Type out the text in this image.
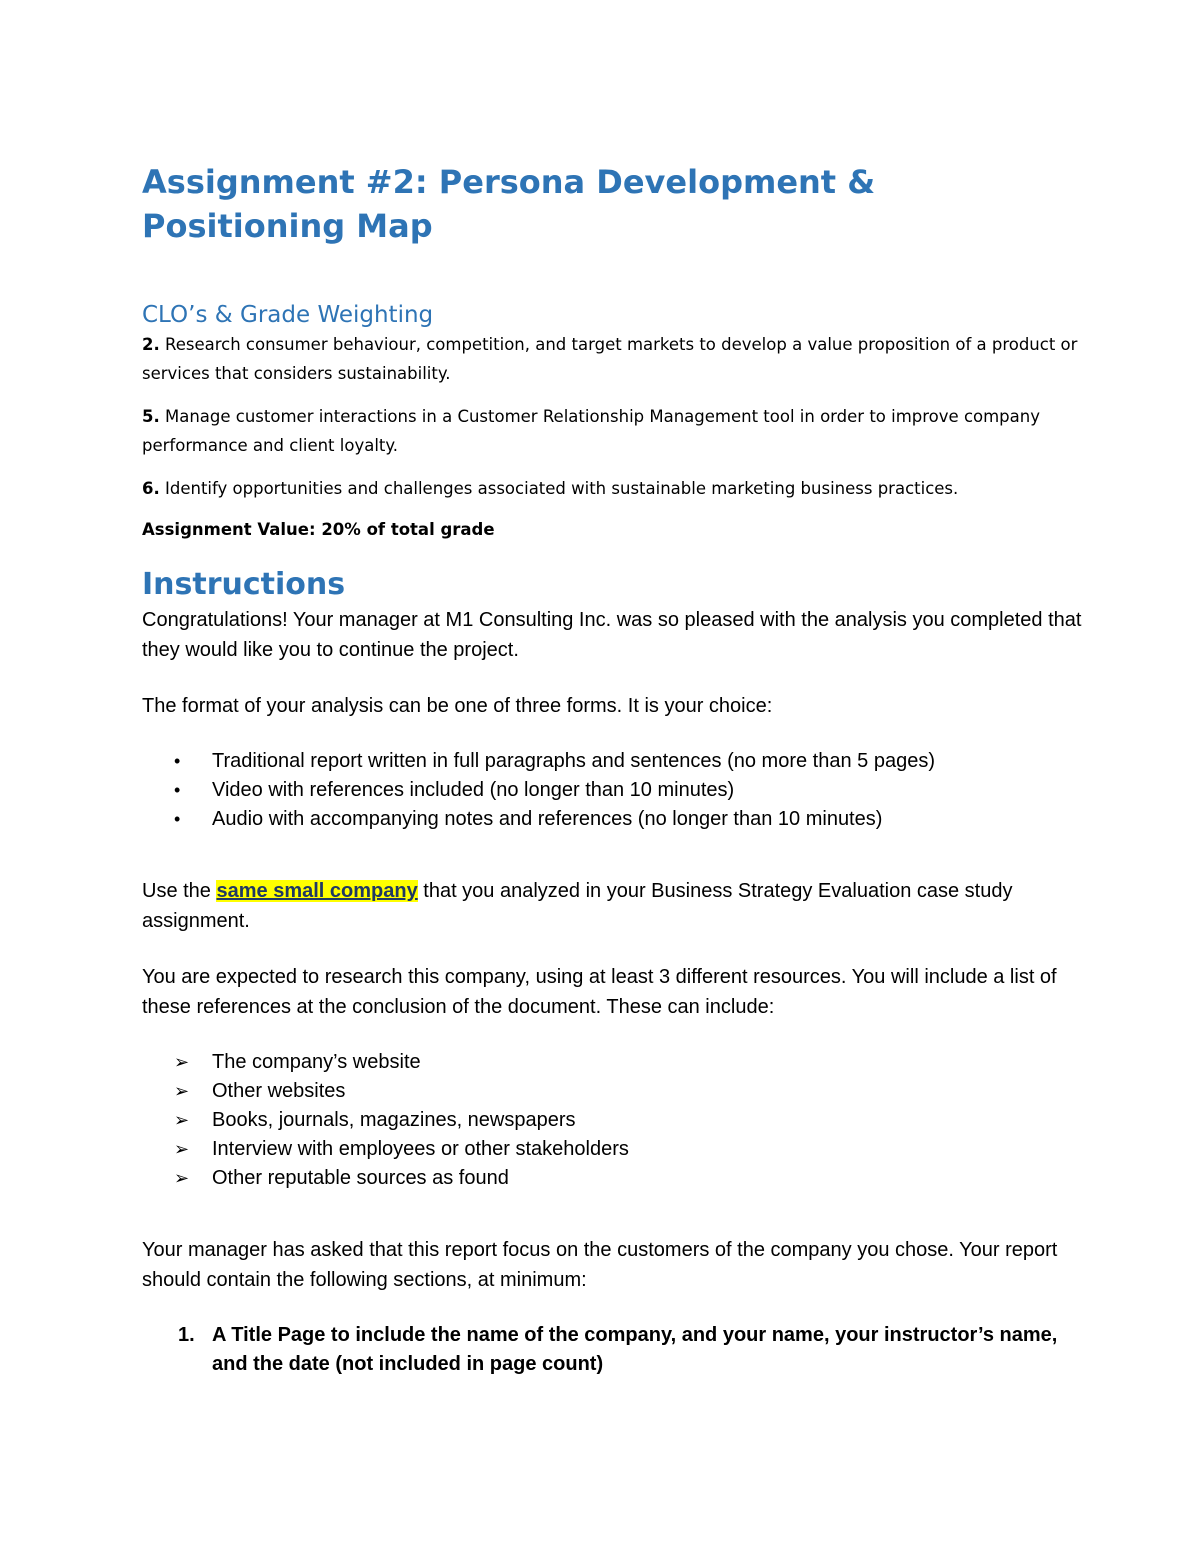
Assignment #2: Persona Development & Positioning Map
CLO’s & Grade Weighting

2. Research consumer behaviour, competition, and target markets to develop a value proposition of a product or services that considers sustainability.

5. Manage customer interactions in a Customer Relationship Management tool in order to improve company performance and client loyalty.

6. Identify opportunities and challenges associated with sustainable marketing business practices.

Assignment Value: 20% of total grade

Instructions

Congratulations! Your manager at M1 Consulting Inc. was so pleased with the analysis you completed that they would like you to continue the project.

The format of your analysis can be one of three forms. It is your choice:

• Traditional report written in full paragraphs and sentences (no more than 5 pages)
• Video with references included (no longer than 10 minutes)
• Audio with accompanying notes and references (no longer than 10 minutes)

Use the same small company that you analyzed in your Business Strategy Evaluation case study assignment.

You are expected to research this company, using at least 3 different resources. You will include a list of these references at the conclusion of the document. These can include:

➢ The company’s website
➢ Other websites
➢ Books, journals, magazines, newspapers
➢ Interview with employees or other stakeholders
➢ Other reputable sources as found

Your manager has asked that this report focus on the customers of the company you chose. Your report should contain the following sections, at minimum:

1. A Title Page to include the name of the company, and your name, your instructor’s name, and the date (not included in page count)
